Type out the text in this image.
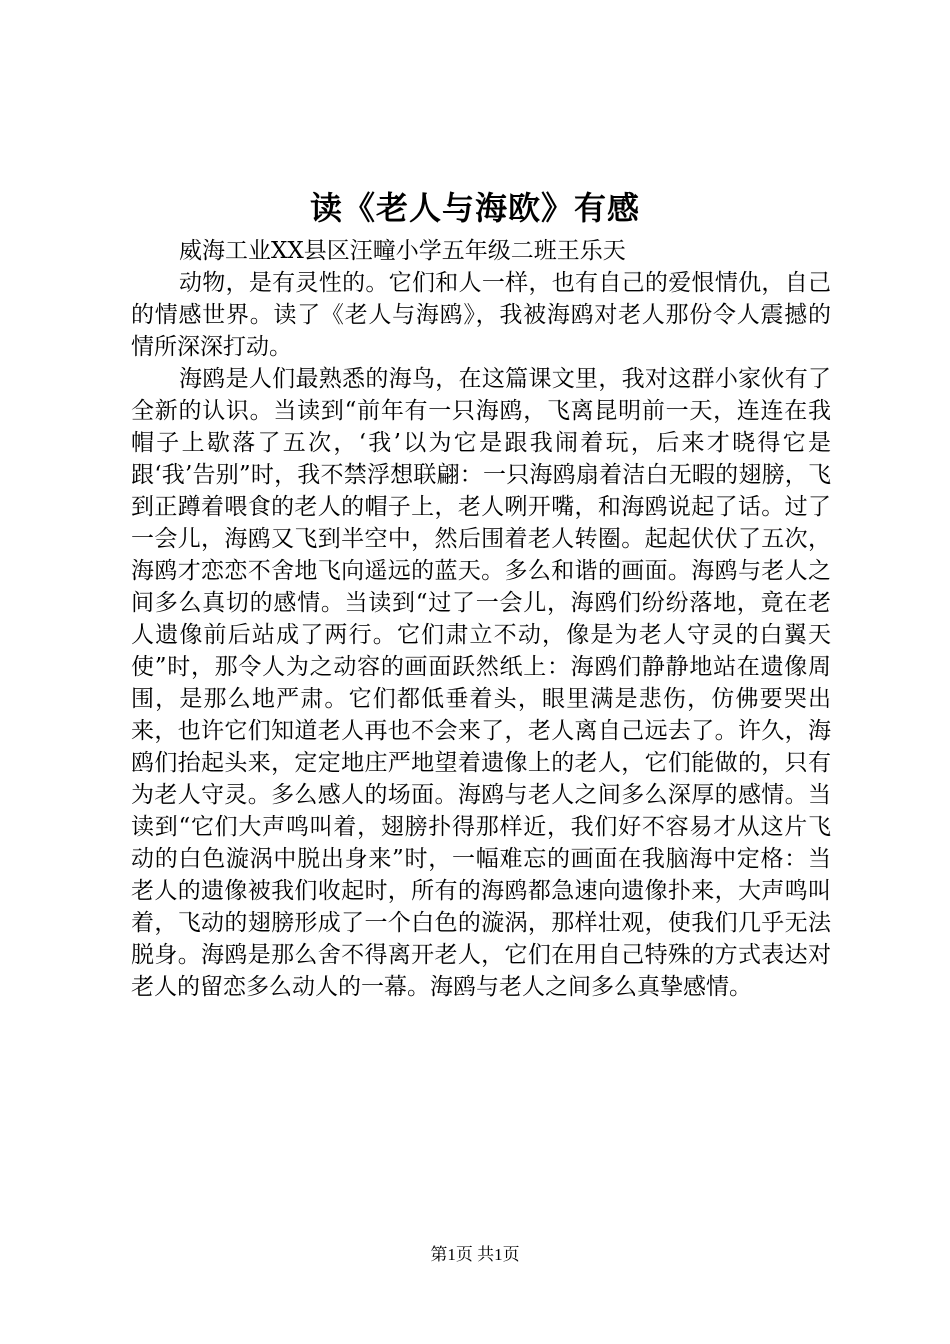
读《老人与海欧》有感

威海工业XX县区汪疃小学五年级二班王乐天

动物，是有灵性的。它们和人一样，也有自己的爱恨情仇，自己的情感世界。读了《老人与海鸥》，我被海鸥对老人那份令人震撼的情所深深打动。

海鸥是人们最熟悉的海鸟，在这篇课文里，我对这群小家伙有了全新的认识。当读到“前年有一只海鸥，飞离昆明前一天，连连在我帽子上歇落了五次，‘我’以为它是跟我闹着玩，后来才晓得它是跟‘我’告别”时，我不禁浮想联翩：一只海鸥扇着洁白无暇的翅膀，飞到正蹲着喂食的老人的帽子上，老人咧开嘴，和海鸥说起了话。过了一会儿，海鸥又飞到半空中，然后围着老人转圈。起起伏伏了五次，海鸥才恋恋不舍地飞向遥远的蓝天。多么和谐的画面。海鸥与老人之间多么真切的感情。当读到“过了一会儿，海鸥们纷纷落地，竟在老人遗像前后站成了两行。它们肃立不动，像是为老人守灵的白翼天使”时，那令人为之动容的画面跃然纸上：海鸥们静静地站在遗像周围，是那么地严肃。它们都低垂着头，眼里满是悲伤，仿佛要哭出来，也许它们知道老人再也不会来了，老人离自己远去了。许久，海鸥们抬起头来，定定地庄严地望着遗像上的老人，它们能做的，只有为老人守灵。多么感人的场面。海鸥与老人之间多么深厚的感情。当读到“它们大声鸣叫着，翅膀扑得那样近，我们好不容易才从这片飞动的白色漩涡中脱出身来”时，一幅难忘的画面在我脑海中定格：当老人的遗像被我们收起时，所有的海鸥都急速向遗像扑来，大声鸣叫着，飞动的翅膀形成了一个白色的漩涡，那样壮观，使我们几乎无法脱身。海鸥是那么舍不得离开老人，它们在用自己特殊的方式表达对老人的留恋多么动人的一幕。海鸥与老人之间多么真挚感情。

第1页 共1页
